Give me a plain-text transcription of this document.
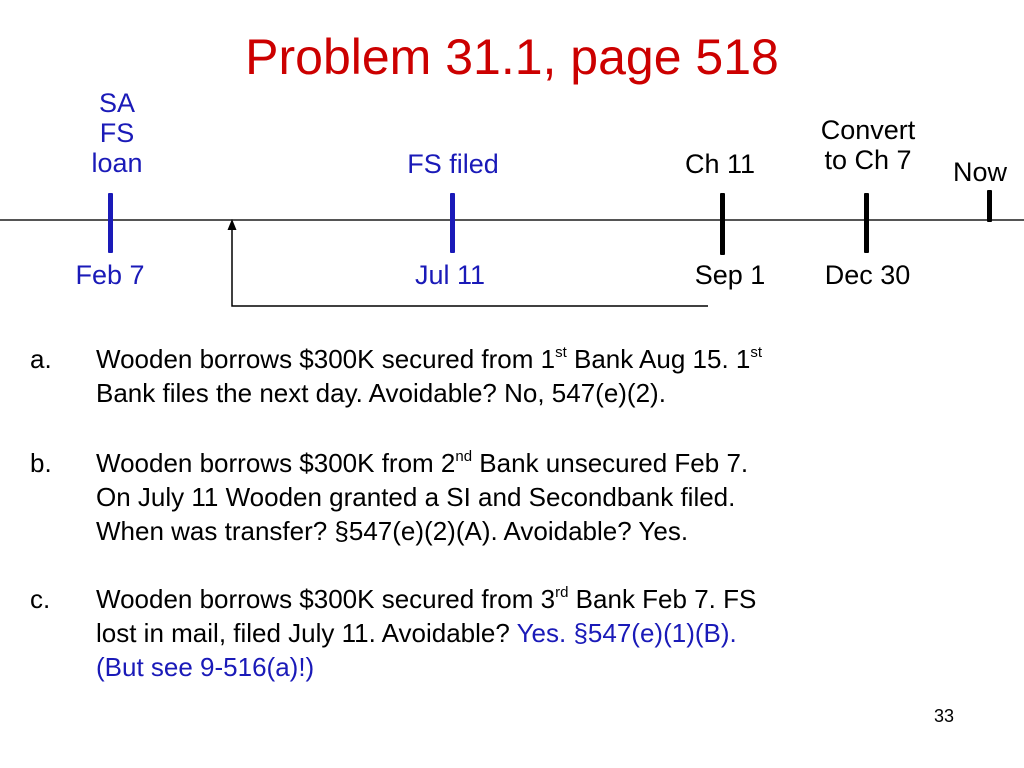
Problem 31.1, page 518
SA
FS
loan	FS filed	Ch 11
Convert
to Ch 7	Now
Feb 7	Jul 11	Sep 1	Dec 30
a. Wooden borrows $300K secured from 1st Bank Aug 15. 1st
Bank files the next day. Avoidable? No, 547(e)(2).
b. Wooden borrows $300K from 2nd Bank unsecured Feb 7.
On July 11 Wooden granted a SI and Secondbank filed.
When was transfer? §547(e)(2)(A). Avoidable? Yes.
c. Wooden borrows $300K secured from 3rd Bank Feb 7. FS
lost in mail, filed July 11. Avoidable? Yes. §547(e)(1)(B).
(But see 9-516(a)!)
33
